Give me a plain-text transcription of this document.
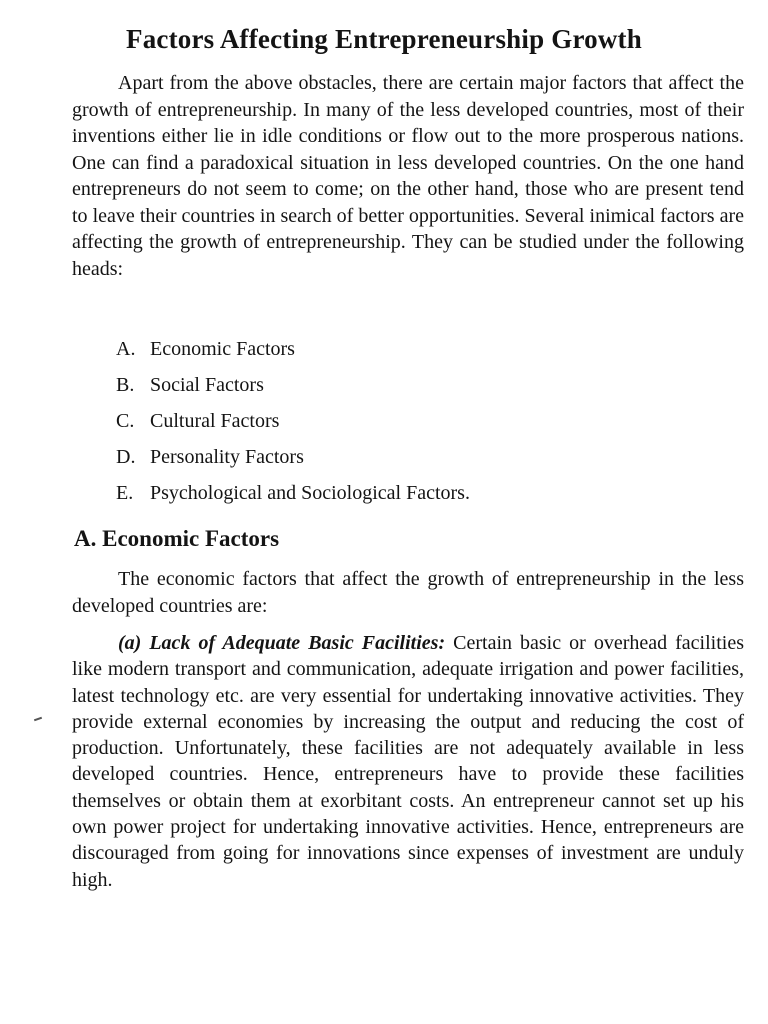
Factors Affecting Entrepreneurship Growth

Apart from the above obstacles, there are certain major factors that affect the growth of entrepreneurship. In many of the less developed countries, most of their inventions either lie in idle conditions or flow out to the more prosperous nations. One can find a paradoxical situation in less developed countries. On the one hand entrepreneurs do not seem to come; on the other hand, those who are present tend to leave their countries in search of better opportunities. Several inimical factors are affecting the growth of entrepreneurship. They can be studied under the following heads:

A. Economic Factors
B. Social Factors
C. Cultural Factors
D. Personality Factors
E. Psychological and Sociological Factors.
A. Economic Factors

The economic factors that affect the growth of entrepreneurship in the less developed countries are:

(a) Lack of Adequate Basic Facilities: Certain basic or overhead facilities like modern transport and communication, adequate irrigation and power facilities, latest technology etc. are very essential for undertaking innovative activities. They provide external economies by increasing the output and reducing the cost of production. Unfortunately, these facilities are not adequately available in less developed countries. Hence, entrepreneurs have to provide these facilities themselves or obtain them at exorbitant costs. An entrepreneur cannot set up his own power project for undertaking innovative activities. Hence, entrepreneurs are discouraged from going for innovations since expenses of investment are unduly high.
